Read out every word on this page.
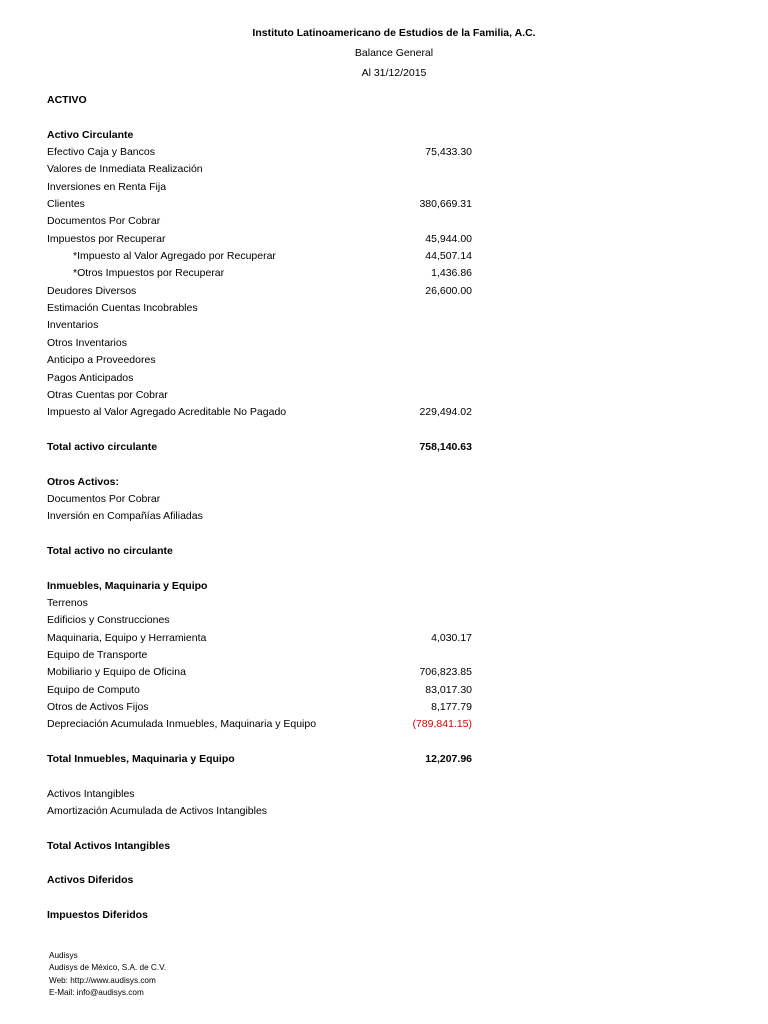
Instituto Latinoamericano de Estudios de la Familia, A.C.
Balance General
Al 31/12/2015
ACTIVO
Activo Circulante
Efectivo Caja y Bancos	75,433.30
Valores de Inmediata Realización
Inversiones en Renta Fija
Clientes	380,669.31
Documentos Por Cobrar
Impuestos por Recuperar	45,944.00
*Impuesto al Valor Agregado por Recuperar	44,507.14
*Otros Impuestos por Recuperar	1,436.86
Deudores Diversos	26,600.00
Estimación Cuentas Incobrables
Inventarios
Otros Inventarios
Anticipo a Proveedores
Pagos Anticipados
Otras Cuentas por Cobrar
Impuesto al Valor Agregado Acreditable No Pagado	229,494.02
Total activo circulante	758,140.63
Otros Activos:
Documentos Por Cobrar
Inversión en Compañías Afiliadas
Total activo no circulante
Inmuebles, Maquinaria y Equipo
Terrenos
Edificios y Construcciones
Maquinaria, Equipo y Herramienta	4,030.17
Equipo de Transporte
Mobiliario y Equipo de Oficina	706,823.85
Equipo de Computo	83,017.30
Otros de Activos Fijos	8,177.79
Depreciación Acumulada Inmuebles, Maquinaria y Equipo	(789,841.15)
Total Inmuebles, Maquinaria y Equipo	12,207.96
Activos Intangibles
Amortización Acumulada de Activos Intangibles
Total Activos Intangibles
Activos Diferidos
Impuestos Diferidos
Audisys
Audisys de México, S.A. de C.V.
Web: http://www.audisys.com
E-Mail: info@audisys.com
